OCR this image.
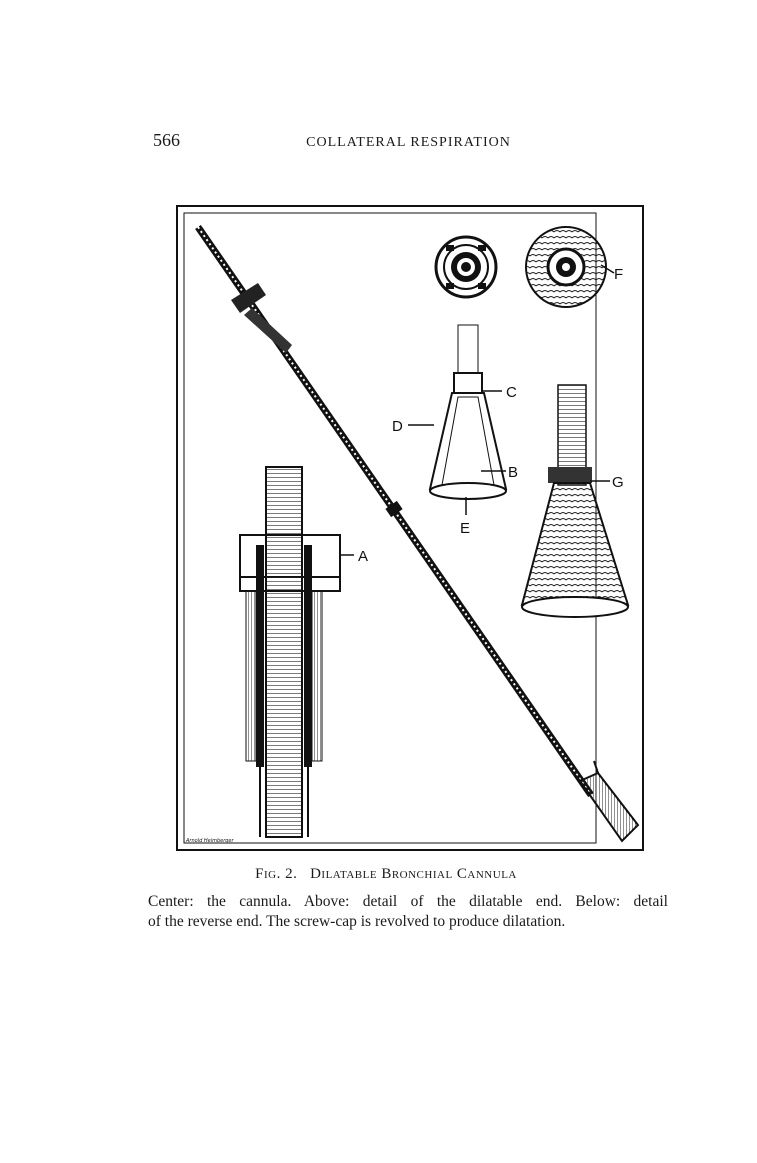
566	COLLATERAL RESPIRATION
F
C
D
B
E
G
A
Arnold Heimberger
Fig. 2. Dilatable Bronchial Cannula
Center: the cannula. Above: detail of the dilatable end. Below: detail
of the reverse end. The screw-cap is revolved to produce dilatation.
